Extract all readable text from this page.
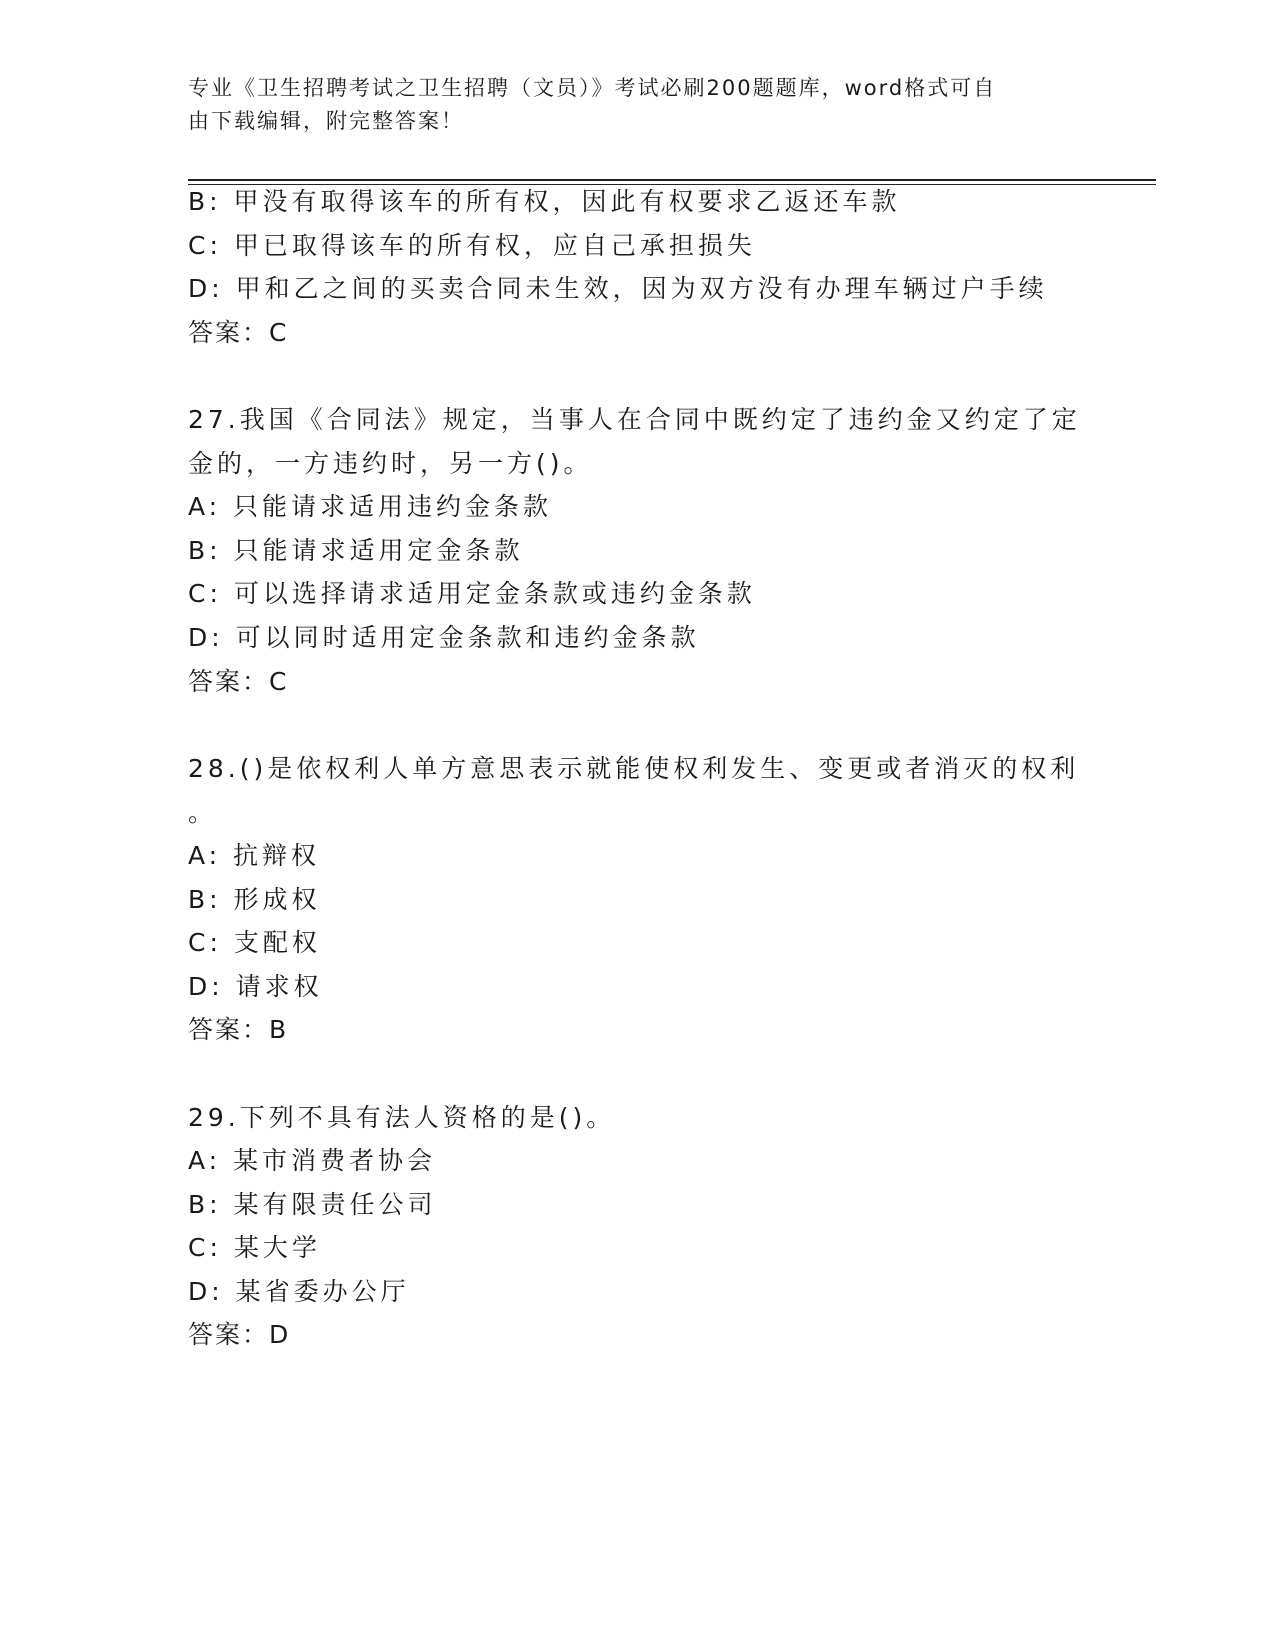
专业《卫生招聘考试之卫生招聘（文员）》考试必刷200题题库，word格式可自
由下载编辑，附完整答案！
B: 甲没有取得该车的所有权，因此有权要求乙返还车款
C: 甲已取得该车的所有权，应自己承担损失
D: 甲和乙之间的买卖合同未生效，因为双方没有办理车辆过户手续
答案：C
27.我国《合同法》规定，当事人在合同中既约定了违约金又约定了定
金的，一方违约时，另一方()。
A: 只能请求适用违约金条款
B: 只能请求适用定金条款
C: 可以选择请求适用定金条款或违约金条款
D: 可以同时适用定金条款和违约金条款
答案：C
28.()是依权利人单方意思表示就能使权利发生、变更或者消灭的权利
。
A: 抗辩权
B: 形成权
C: 支配权
D: 请求权
答案：B
29.下列不具有法人资格的是()。
A: 某市消费者协会
B: 某有限责任公司
C: 某大学
D: 某省委办公厅
答案：D
